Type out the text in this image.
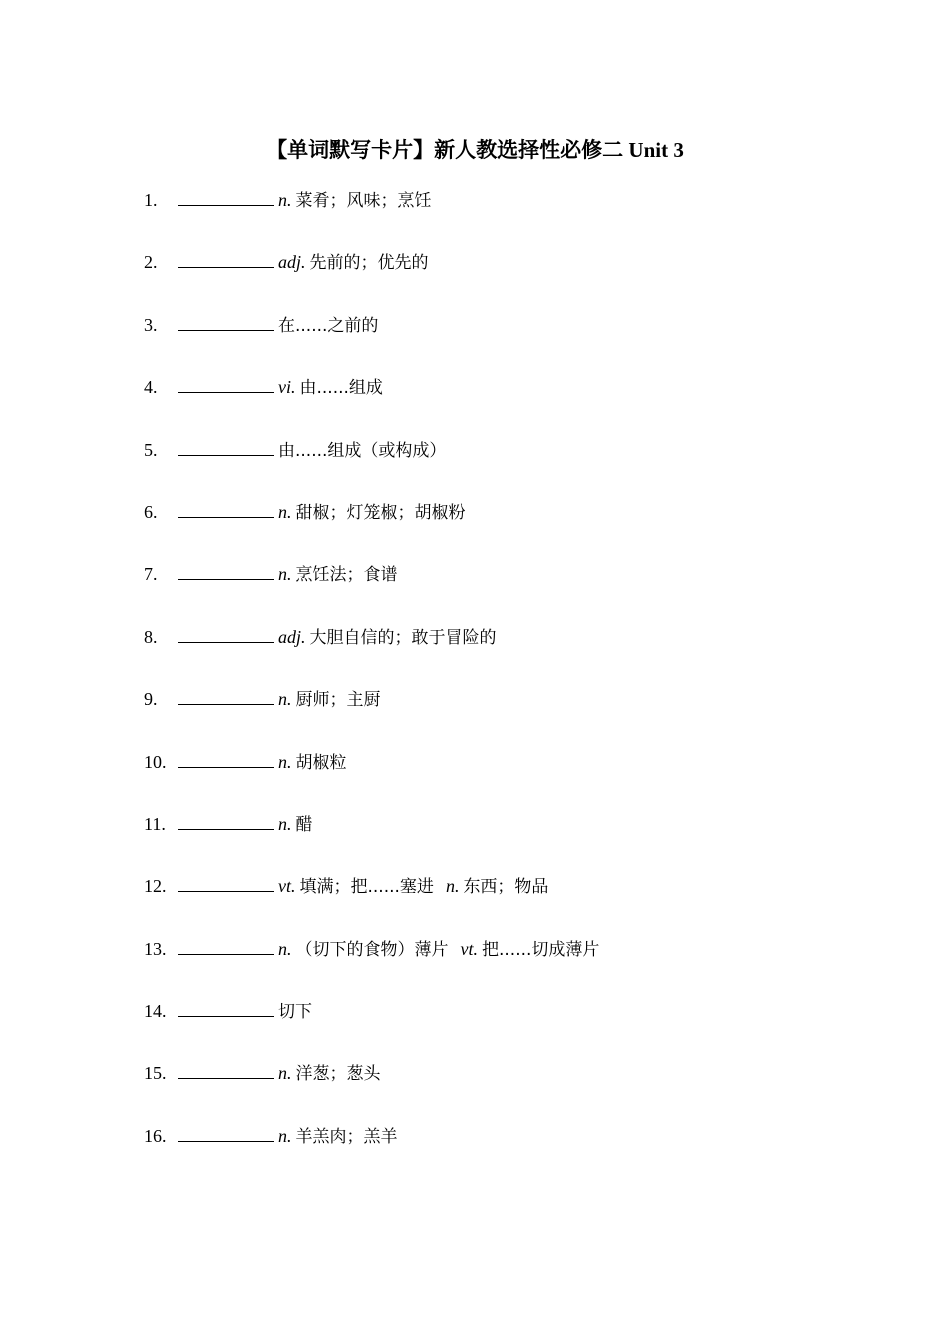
【单词默写卡片】新人教选择性必修二 Unit 3
1.	n. 菜肴；风味；烹饪
2.	adj. 先前的；优先的
3.	在......之前的
4.	vi. 由......组成
5.	由......组成（或构成）
6.	n. 甜椒；灯笼椒；胡椒粉
7.	n. 烹饪法；食谱
8.	adj. 大胆自信的；敢于冒险的
9.	n. 厨师；主厨
10.	n. 胡椒粒
11.	n. 醋
12.	vt. 填满；把......塞进 n. 东西；物品
13.	n. （切下的食物）薄片 vt. 把......切成薄片
14.	切下
15.	n. 洋葱；葱头
16.	n. 羊羔肉；羔羊
